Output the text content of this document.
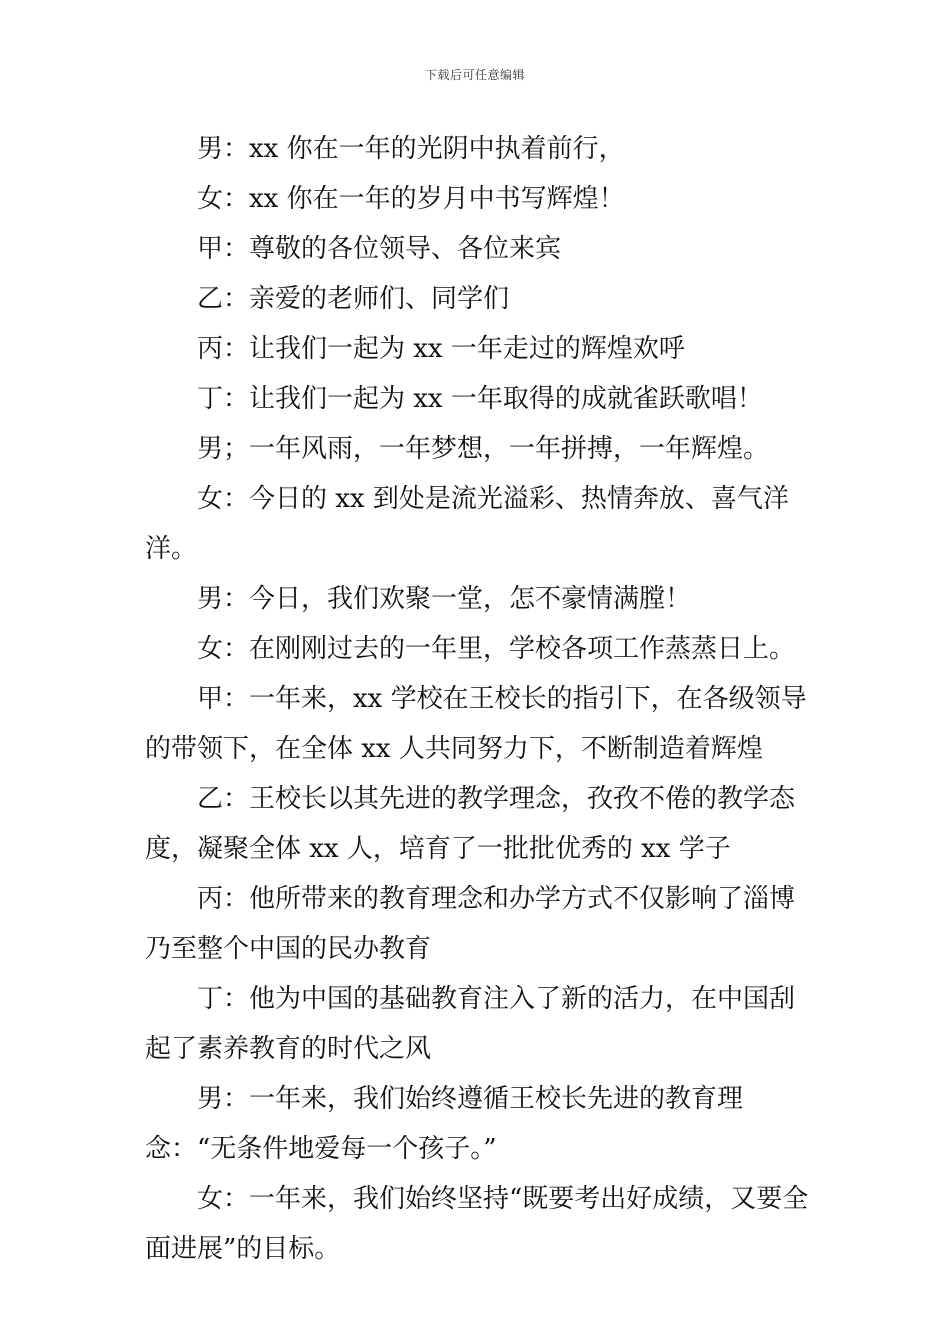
下载后可任意编辑

男：xx 你在一年的光阴中执着前行，

女：xx 你在一年的岁月中书写辉煌！

甲：尊敬的各位领导、各位来宾

乙：亲爱的老师们、同学们

丙：让我们一起为 xx 一年走过的辉煌欢呼

丁：让我们一起为 xx 一年取得的成就雀跃歌唱！

男；一年风雨，一年梦想，一年拼搏，一年辉煌。

女：今日的 xx 到处是流光溢彩、热情奔放、喜气洋洋。

男：今日，我们欢聚一堂，怎不豪情满膛！

女：在刚刚过去的一年里，学校各项工作蒸蒸日上。

甲：一年来，xx 学校在王校长的指引下，在各级领导的带领下，在全体 xx 人共同努力下，不断制造着辉煌

乙：王校长以其先进的教学理念，孜孜不倦的教学态度，凝聚全体 xx 人，培育了一批批优秀的 xx 学子

丙：他所带来的教育理念和办学方式不仅影响了淄博乃至整个中国的民办教育

丁：他为中国的基础教育注入了新的活力，在中国刮起了素养教育的时代之风

男：一年来，我们始终遵循王校长先进的教育理念：“无条件地爱每一个孩子。”

女：一年来，我们始终坚持“既要考出好成绩，又要全面进展”的目标。
